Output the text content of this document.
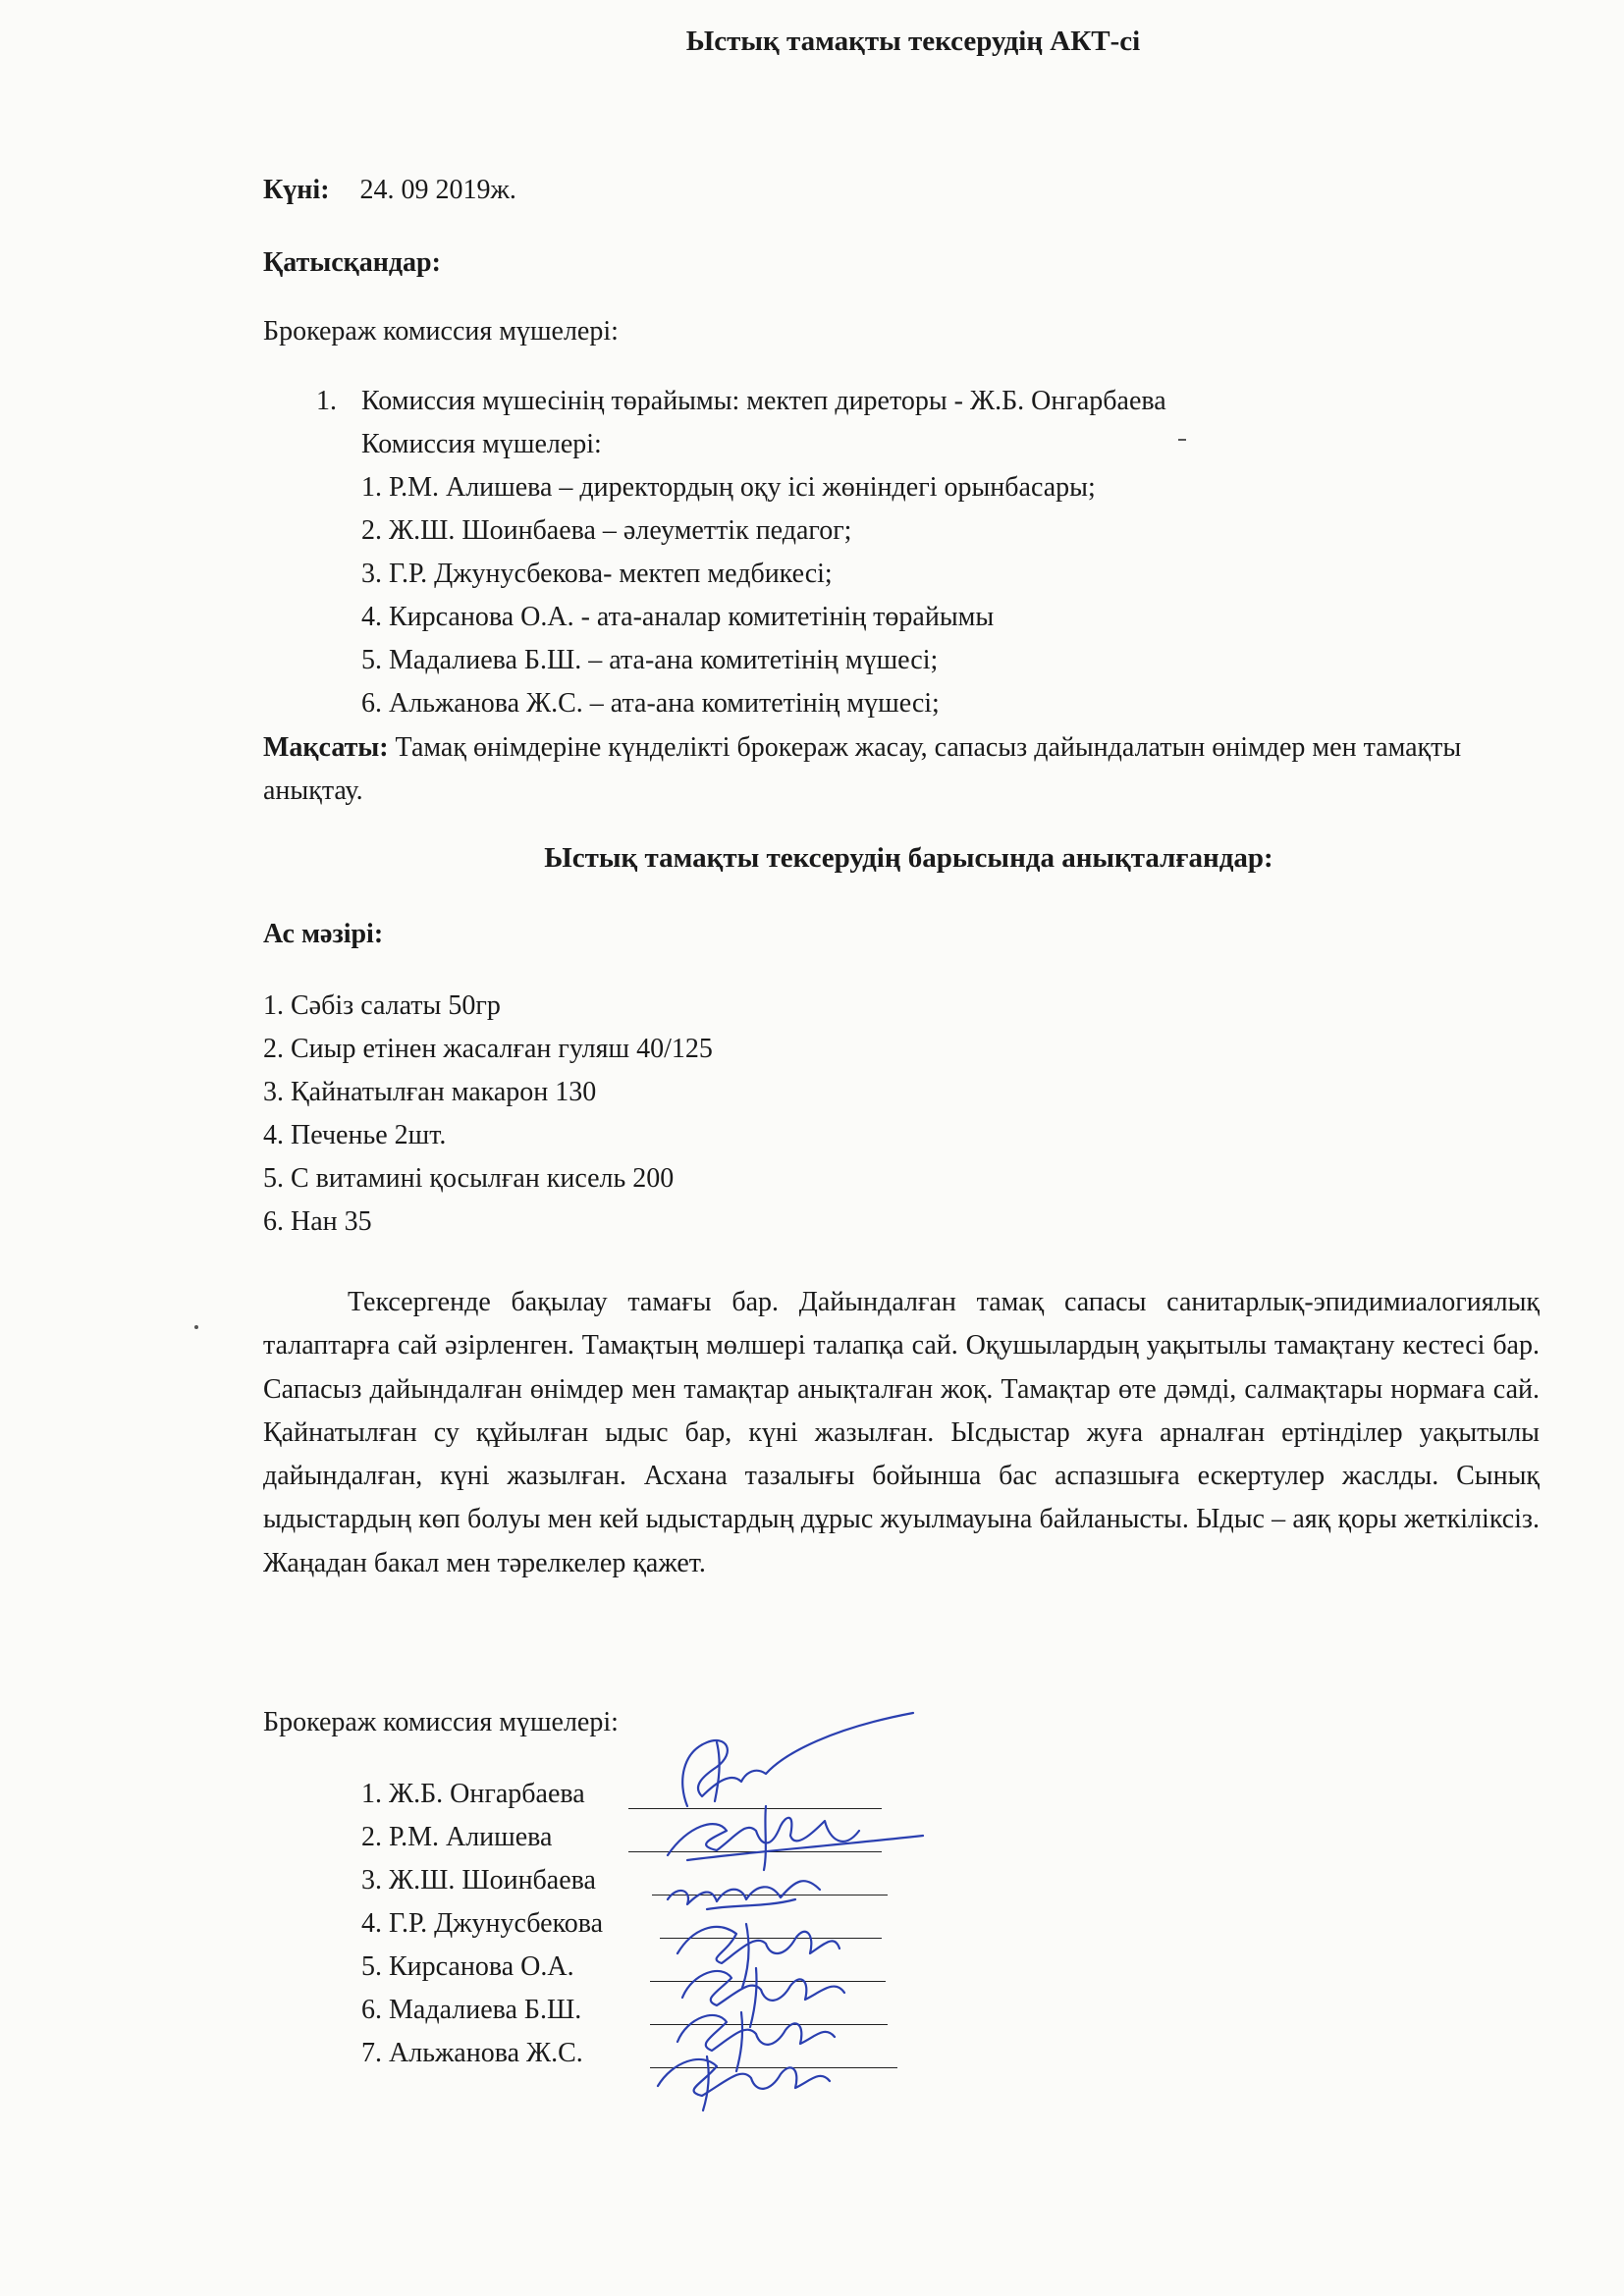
Ыстық тамақты тексерудің АКТ-сі
Күні: 24. 09 2019ж.
Қатысқандар:
Брокераж комиссия мүшелері:
1. Комиссия мүшесінің төрайымы: мектеп диреторы - Ж.Б. Онгарбаева
Комиссия мүшелері:
1. Р.М. Алишева – директордың оқу ісі жөніндегі орынбасары;
2. Ж.Ш. Шоинбаева – әлеуметтік педагог;
3. Г.Р. Джунусбекова- мектеп медбикесі;
4. Кирсанова О.А. - ата-аналар комитетінің төрайымы
5. Мадалиева Б.Ш. – ата-ана комитетінің мүшесі;
6. Альжанова Ж.С. – ата-ана комитетінің мүшесі;
Мақсаты: Тамақ өнімдеріне күнделікті брокераж жасау, сапасыз дайындалатын өнімдер мен тамақты анықтау.
Ыстық тамақты тексерудің барысында анықталғандар:
Ас мәзірі:
1. Сәбіз салаты 50гр
2. Сиыр етінен жасалған гуляш 40/125
3. Қайнатылған макарон 130
4. Печенье 2шт.
5. С витамині қосылған кисель 200
6. Нан 35
Тексергенде бақылау тамағы бар. Дайындалған тамақ сапасы санитарлық-эпидимиалогиялық талаптарға сай әзірленген. Тамақтың мөлшері талапқа сай. Оқушылардың уақытылы тамақтану кестесі бар. Сапасыз дайындалған өнімдер мен тамақтар анықталған жоқ. Тамақтар өте дәмді, салмақтары нормаға сай. Қайнатылған су құйылған ыдыс бар, күні жазылған. Ысдыстар жуға арналған ертінділер уақытылы дайындалған, күні жазылған. Асхана тазалығы бойынша бас аспазшыға ескертулер жаслды. Сынық ыдыстардың көп болуы мен кей ыдыстардың дұрыс жуылмауына байланысты. Ыдыс – аяқ қоры жеткіліксіз. Жаңадан бакал мен тәрелкелер қажет.
Брокераж комиссия мүшелері:
1. Ж.Б. Онгарбаева
2. Р.М. Алишева
3. Ж.Ш. Шоинбаева
4. Г.Р. Джунусбекова
5. Кирсанова О.А.
6. Мадалиева Б.Ш.
7. Альжанова Ж.С.
